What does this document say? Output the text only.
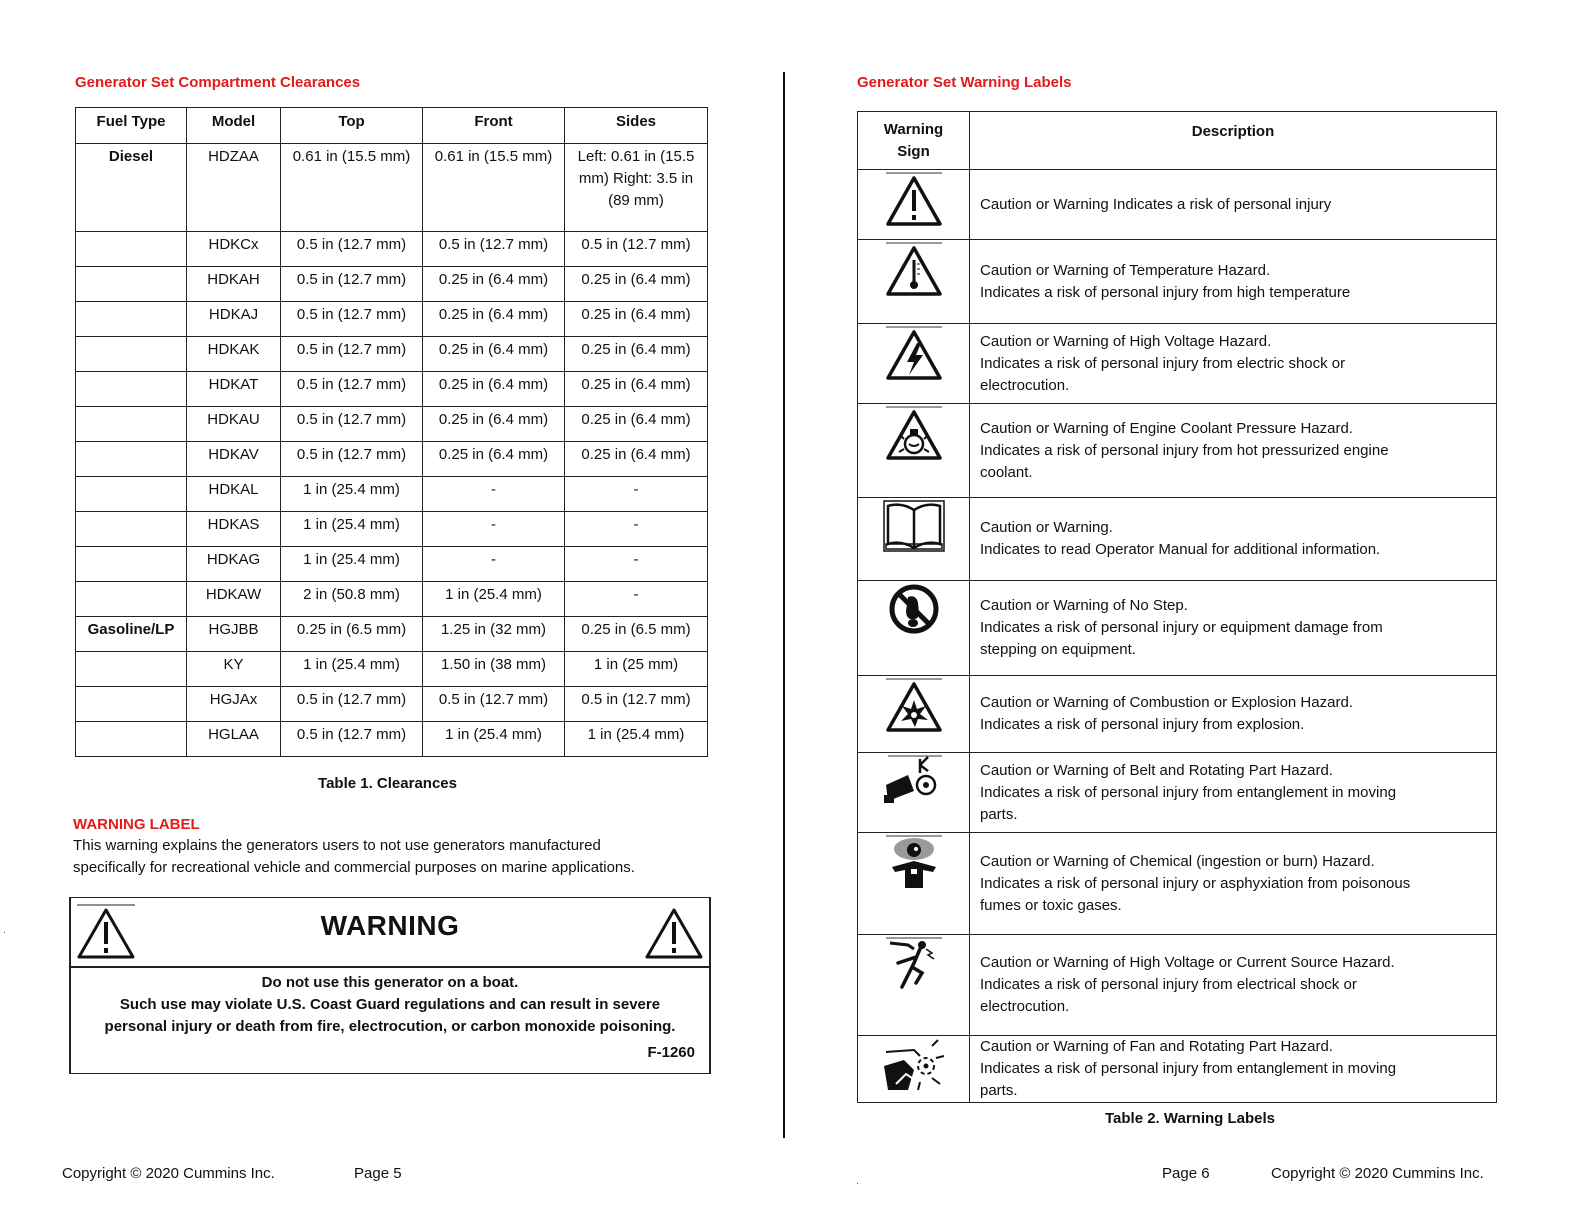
Generator Set Compartment Clearances
Fuel Type	Model	Top	Front	Sides
Diesel	HDZAA	0.61 in (15.5 mm)	0.61 in (15.5 mm)	Left: 0.61 in (15.5 mm) Right: 3.5 in (89 mm)
	HDKCx	0.5 in (12.7 mm)	0.5 in (12.7 mm)	0.5 in (12.7 mm)
	HDKAH	0.5 in (12.7 mm)	0.25 in (6.4 mm)	0.25 in (6.4 mm)
	HDKAJ	0.5 in (12.7 mm)	0.25 in (6.4 mm)	0.25 in (6.4 mm)
	HDKAK	0.5 in (12.7 mm)	0.25 in (6.4 mm)	0.25 in (6.4 mm)
	HDKAT	0.5 in (12.7 mm)	0.25 in (6.4 mm)	0.25 in (6.4 mm)
	HDKAU	0.5 in (12.7 mm)	0.25 in (6.4 mm)	0.25 in (6.4 mm)
	HDKAV	0.5 in (12.7 mm)	0.25 in (6.4 mm)	0.25 in (6.4 mm)
	HDKAL	1 in (25.4 mm)	-	-
	HDKAS	1 in (25.4 mm)	-	-
	HDKAG	1 in (25.4 mm)	-	-
	HDKAW	2 in (50.8 mm)	1 in (25.4 mm)	-
Gasoline/LP	HGJBB	0.25 in (6.5 mm)	1.25 in (32 mm)	0.25 in (6.5 mm)
	KY	1 in (25.4 mm)	1.50 in (38 mm)	1 in (25 mm)
	HGJAx	0.5 in (12.7 mm)	0.5 in (12.7 mm)	0.5 in (12.7 mm)
	HGLAA	0.5 in (12.7 mm)	1 in (25.4 mm)	1 in (25.4 mm)
Table 1. Clearances
WARNING LABEL
This warning explains the generators users to not use generators manufactured
specifically for recreational vehicle and commercial purposes on marine applications.
WARNING
Do not use this generator on a boat.
Such use may violate U.S. Coast Guard regulations and can result in severe
personal injury or death from fire, electrocution, or carbon monoxide poisoning.
F-1260
Copyright © 2020 Cummins Inc.	Page 5
Generator Set Warning Labels
Warning
Sign	Description

Caution or Warning Indicates a risk of personal injury

Caution or Warning of Temperature Hazard.
Indicates a risk of personal injury from high temperature

Caution or Warning of High Voltage Hazard.
Indicates a risk of personal injury from electric shock or
electrocution.

Caution or Warning of Engine Coolant Pressure Hazard.
Indicates a risk of personal injury from hot pressurized engine
coolant.

Caution or Warning.
Indicates to read Operator Manual for additional information.

Caution or Warning of No Step.
Indicates a risk of personal injury or equipment damage from
stepping on equipment.

Caution or Warning of Combustion or Explosion Hazard.
Indicates a risk of personal injury from explosion.

Caution or Warning of Belt and Rotating Part Hazard.
Indicates a risk of personal injury from entanglement in moving
parts.

Caution or Warning of Chemical (ingestion or burn) Hazard.
Indicates a risk of personal injury or asphyxiation from poisonous
fumes or toxic gases.

Caution or Warning of High Voltage or Current Source Hazard.
Indicates a risk of personal injury from electrical shock or
electrocution.

Caution or Warning of Fan and Rotating Part Hazard.
Indicates a risk of personal injury from entanglement in moving
parts.
Table 2. Warning Labels
Page 6	Copyright © 2020 Cummins Inc.
